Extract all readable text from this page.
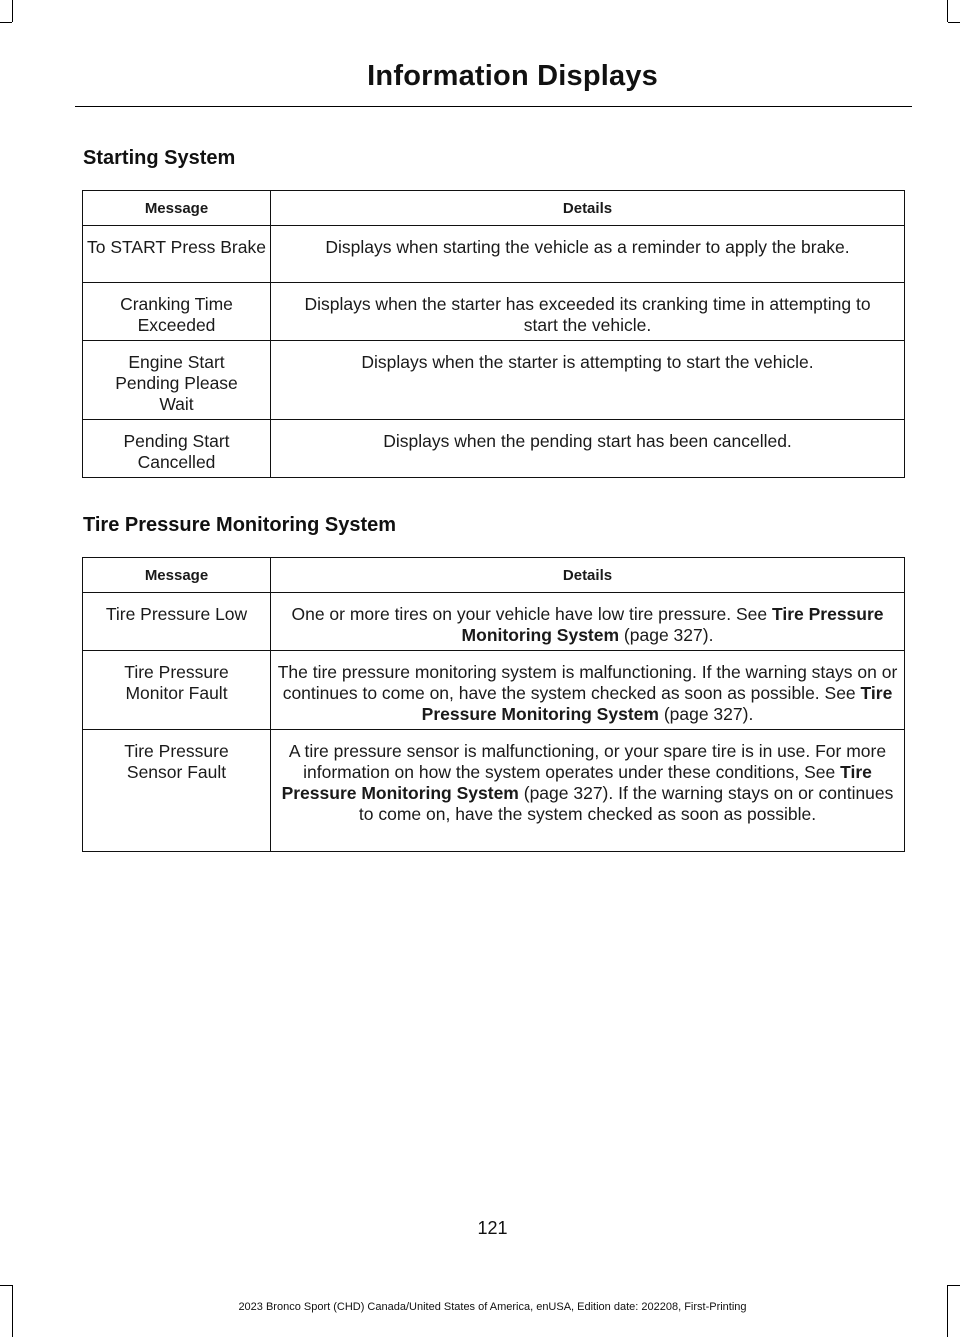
Information Displays
Starting System
Message	Details
To START Press Brake	Displays when starting the vehicle as a reminder to apply the brake.
Cranking Time Exceeded	Displays when the starter has exceeded its cranking time in attempting to start the vehicle.
Engine Start Pending Please Wait	Displays when the starter is attempting to start the vehicle.
Pending Start Cancelled	Displays when the pending start has been cancelled.
Tire Pressure Monitoring System
Message	Details
Tire Pressure Low	One or more tires on your vehicle have low tire pressure. See Tire Pressure Monitoring System (page 327).
Tire Pressure Monitor Fault	The tire pressure monitoring system is malfunctioning. If the warning stays on or continues to come on, have the system checked as soon as possible. See Tire Pressure Monitoring System (page 327).
Tire Pressure Sensor Fault	A tire pressure sensor is malfunctioning, or your spare tire is in use. For more information on how the system operates under these conditions, See Tire Pressure Monitoring System (page 327). If the warning stays on or continues to come on, have the system checked as soon as possible.
121
2023 Bronco Sport (CHD) Canada/United States of America, enUSA, Edition date: 202208, First-Printing
